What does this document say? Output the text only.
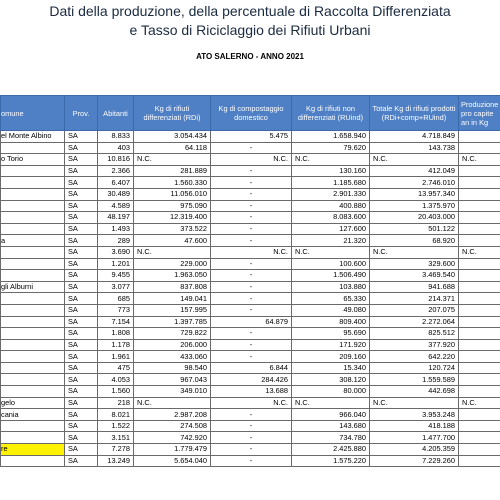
Dati della produzione, della percentuale di Raccolta Differenziata
e Tasso di Riciclaggio dei Rifiuti Urbani
ATO SALERNO - ANNO 2021
omune	Prov.	Abitanti	Kg di rifiuti differenziati (RDi)	Kg di compostaggio domestico	Kg di rifiuti non differenziati (RUind)	Totale Kg di rifiuti prodotti (RDi+comp+RUind)	Produzione pro capite an in Kg
el Monte Albino	SA	8.833	3.054.434	5.475	1.658.940	4.718.849	
	SA	403	64.118	-	79.620	143.738	
o Torio	SA	10.816	N.C.	N.C.	N.C.	N.C.	N.C.
	SA	2.366	281.889	-	130.160	412.049	
	SA	6.407	1.560.330	-	1.185.680	2.746.010	
	SA	30.489	11.056.010	-	2.901.330	13.957.340	
	SA	4.589	975.090	-	400.880	1.375.970	
	SA	48.197	12.319.400	-	8.083.600	20.403.000	
	SA	1.493	373.522	-	127.600	501.122	
a	SA	289	47.600	-	21.320	68.920	
	SA	3.690	N.C.	N.C.	N.C.	N.C.	N.C.
	SA	1.201	229.000	-	100.600	329.600	
	SA	9.455	1.963.050	-	1.506.490	3.469.540	
gli Alburni	SA	3.077	837.808	-	103.880	941.688	
	SA	685	149.041	-	65.330	214.371	
	SA	773	157.995	-	49.080	207.075	
	SA	7.154	1.397.785	64.879	809.400	2.272.064	
	SA	1.808	729.822	-	95.690	825.512	
	SA	1.178	206.000	-	171.920	377.920	
	SA	1.961	433.060	-	209.160	642.220	
	SA	475	98.540	6.844	15.340	120.724	
	SA	4.053	967.043	284.426	308.120	1.559.589	
	SA	1.560	349.010	13.688	80.000	442.698	
gelo	SA	218	N.C.	N.C.	N.C.	N.C.	N.C.
cania	SA	8.021	2.987.208	-	966.040	3.953.248	
	SA	1.522	274.508	-	143.680	418.188	
	SA	3.151	742.920	-	734.780	1.477.700	
re	SA	7.278	1.779.479	-	2.425.880	4.205.359	
	SA	13.249	5.654.040	-	1.575.220	7.229.260	
